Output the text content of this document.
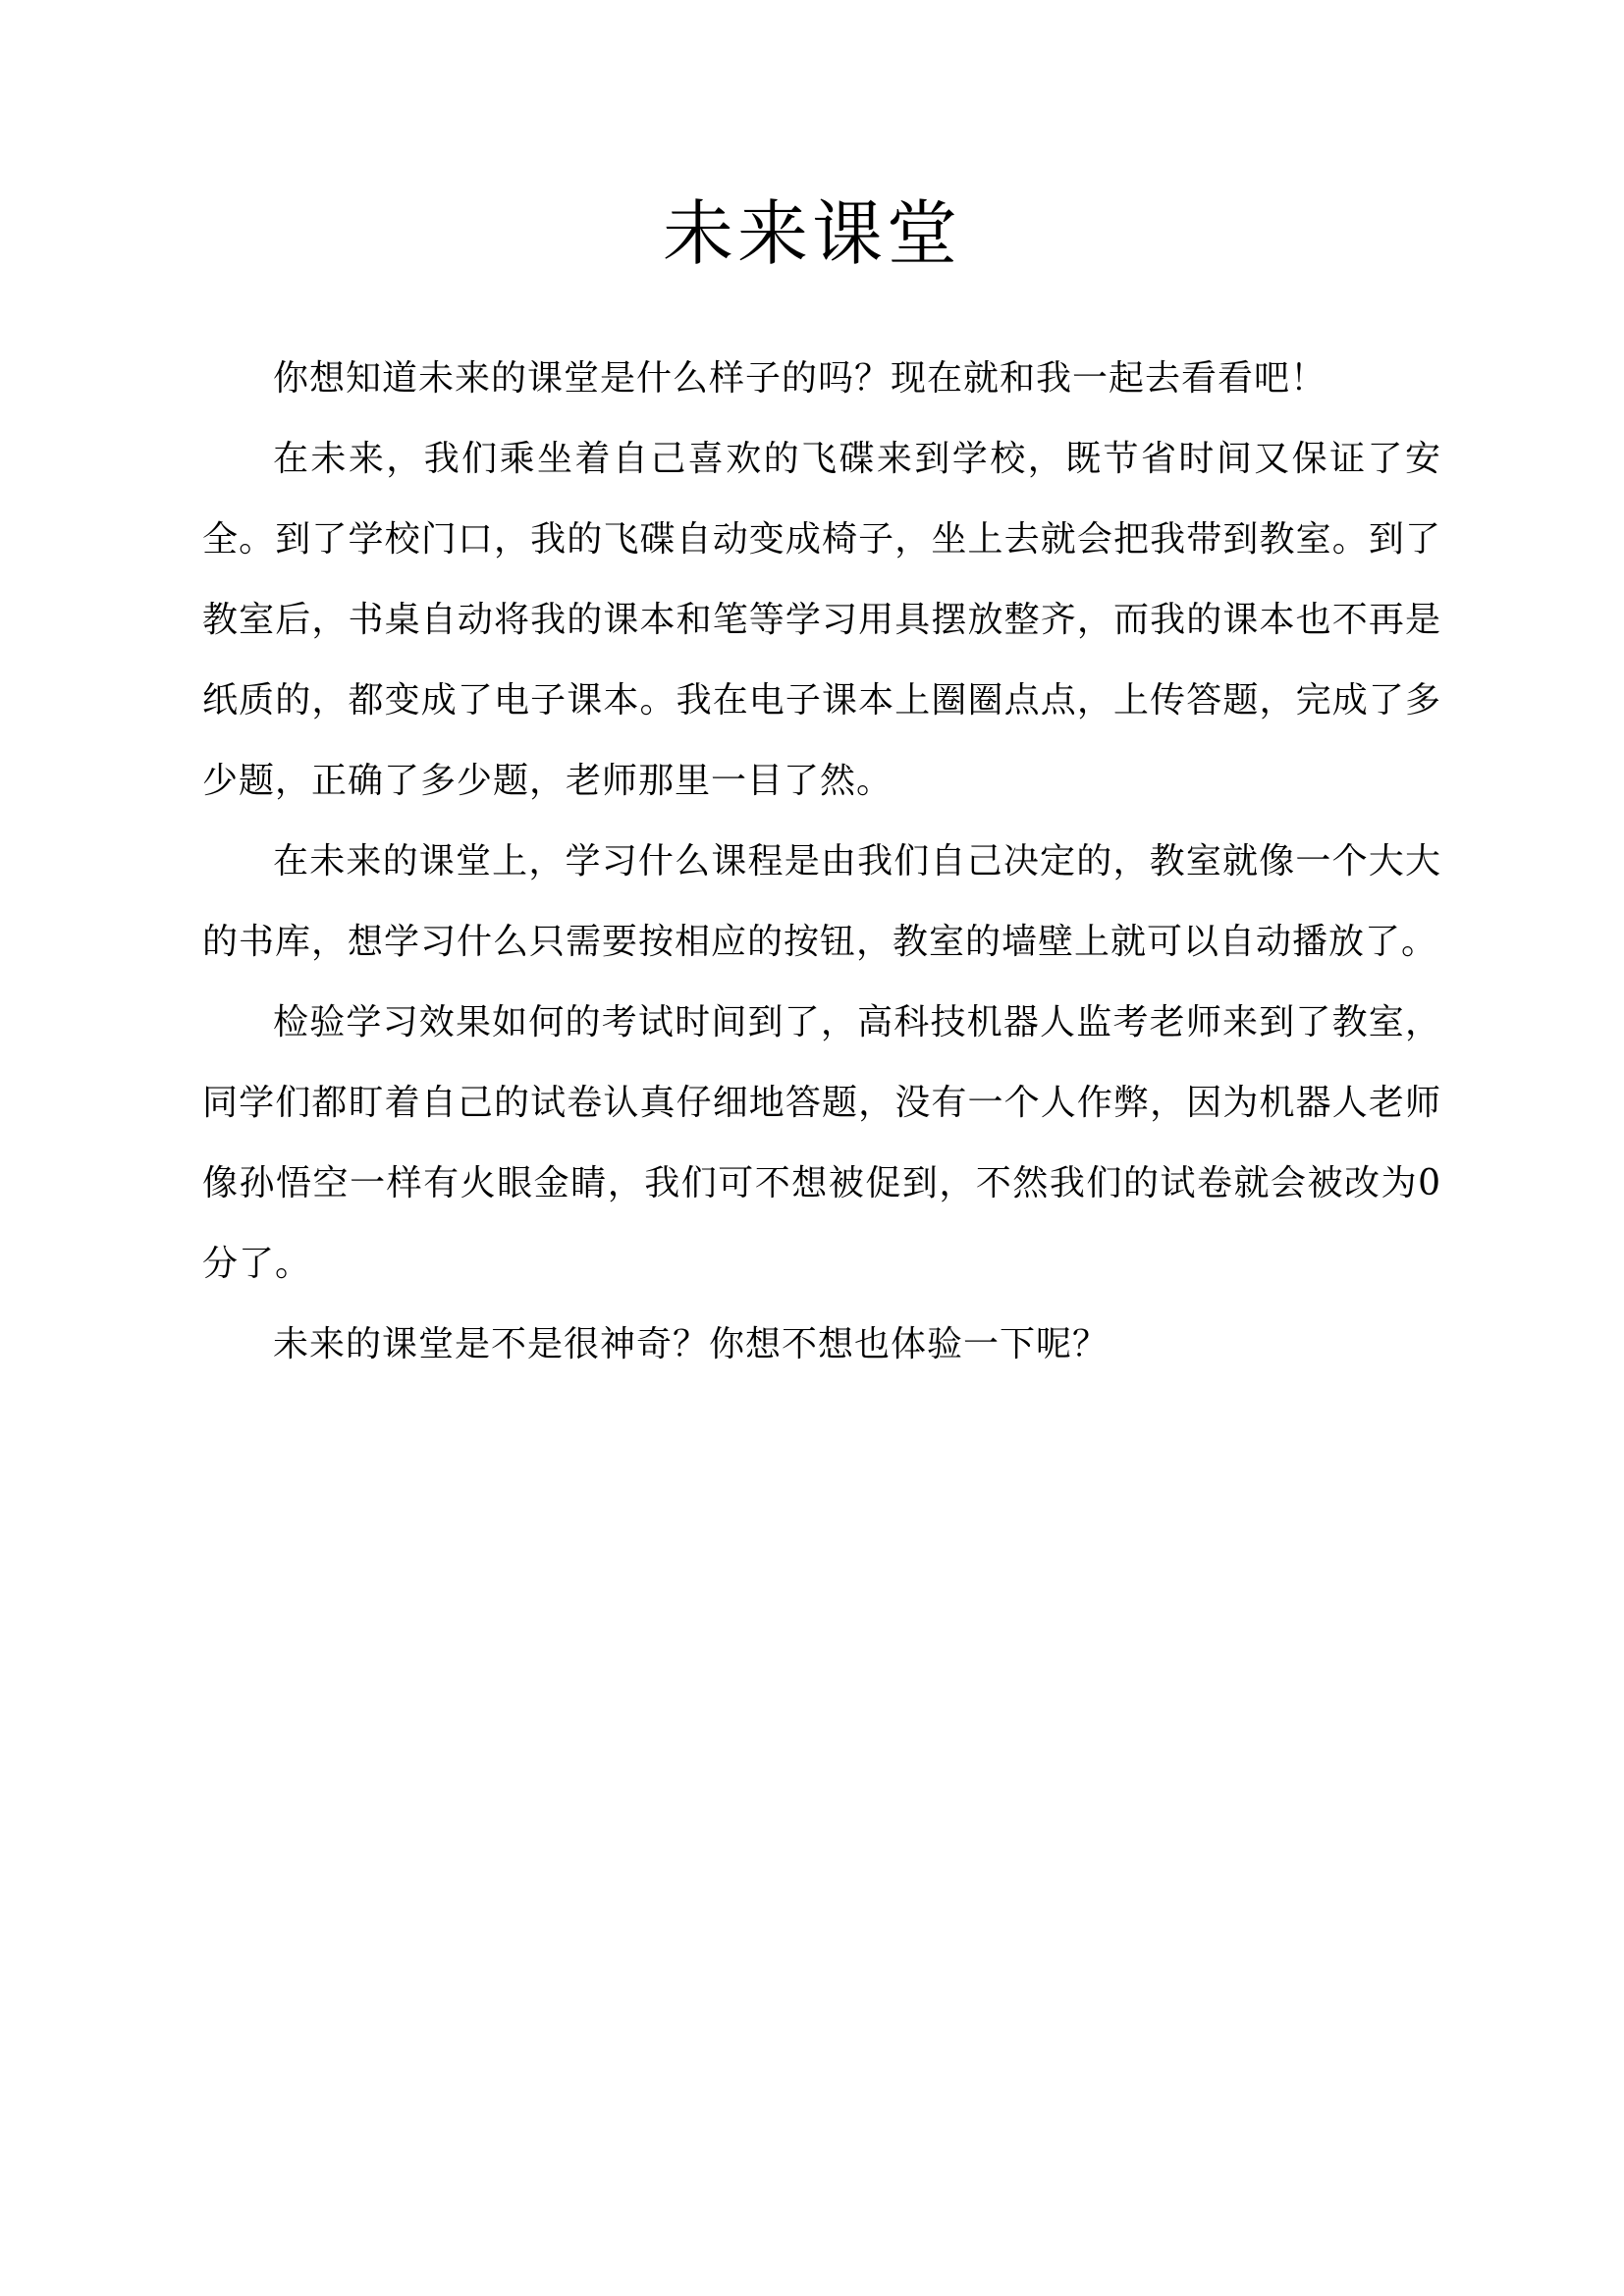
未来课堂

你想知道未来的课堂是什么样子的吗？现在就和我一起去看看吧！

在未来，我们乘坐着自己喜欢的飞碟来到学校，既节省时间又保证了安全。到了学校门口，我的飞碟自动变成椅子，坐上去就会把我带到教室。到了教室后，书桌自动将我的课本和笔等学习用具摆放整齐，而我的课本也不再是纸质的，都变成了电子课本。我在电子课本上圈圈点点，上传答题，完成了多少题，正确了多少题，老师那里一目了然。

在未来的课堂上，学习什么课程是由我们自己决定的，教室就像一个大大的书库，想学习什么只需要按相应的按钮，教室的墙壁上就可以自动播放了。

检验学习效果如何的考试时间到了，高科技机器人监考老师来到了教室，同学们都盯着自己的试卷认真仔细地答题，没有一个人作弊，因为机器人老师像孙悟空一样有火眼金睛，我们可不想被促到，不然我们的试卷就会被改为0分了。

未来的课堂是不是很神奇？你想不想也体验一下呢？
